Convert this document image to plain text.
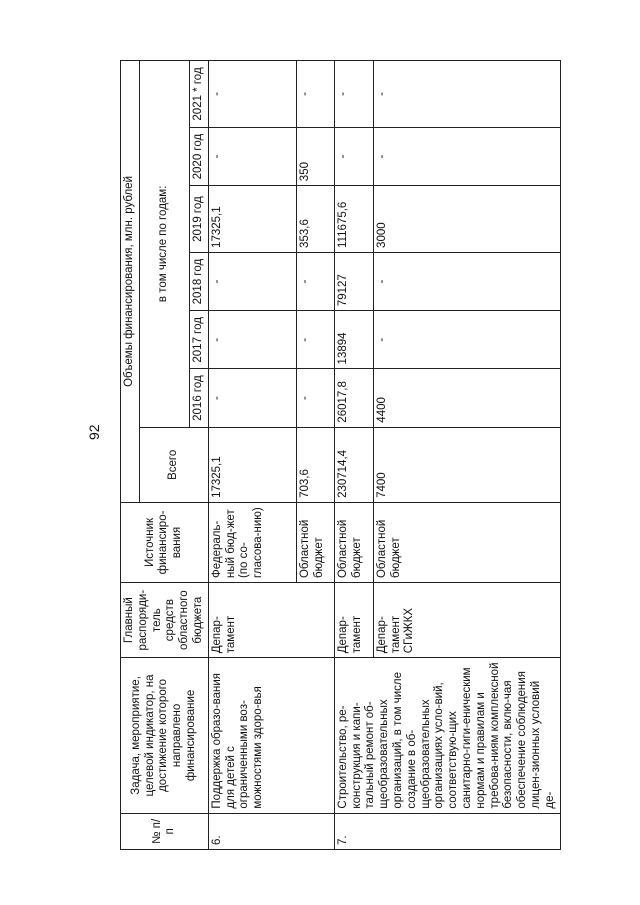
92
№ п/п	Задача, мероприятие, целевой индикатор, на достижение которого направлено финансирование	Главный распоряди-тель средств областного бюджета	Источник финансиро-вания	Объемы финансирования, млн. рублей						
				Всего	в том числе по годам:					
					2016 год	2017 год	2018 год	2019 год	2020 год	2021 * год
6.	Поддержка образо-вания для детей с ограниченными воз-можностями здоро-вья	Депар-тамент	Федераль-ный бюд-жет (по со-гласова-нию)	17325,1	-	-	-	17325,1	-	-
			Областной бюджет	703,6	-	-	-	353,6	350	-
7.	Строительство, ре-конструкция и капи-тальный ремонт об-щеобразовательных организаций, в том числе создание в об-щеобразовательных организациях усло-вий, соответствую-щих санитарно-гиги-еническим нормам и правилам и требова-ниям комплексной безопасности, вклю-чая обеспечение соблюдения лицен-зионных условий де-	Депар-тамент	Областной бюджет	230714,4	26017,8	13894	79127	111675,6	-	-
		Депар-тамент СГиЖКХ	Областной бюджет	7400	4400	-	-	3000	-	-
